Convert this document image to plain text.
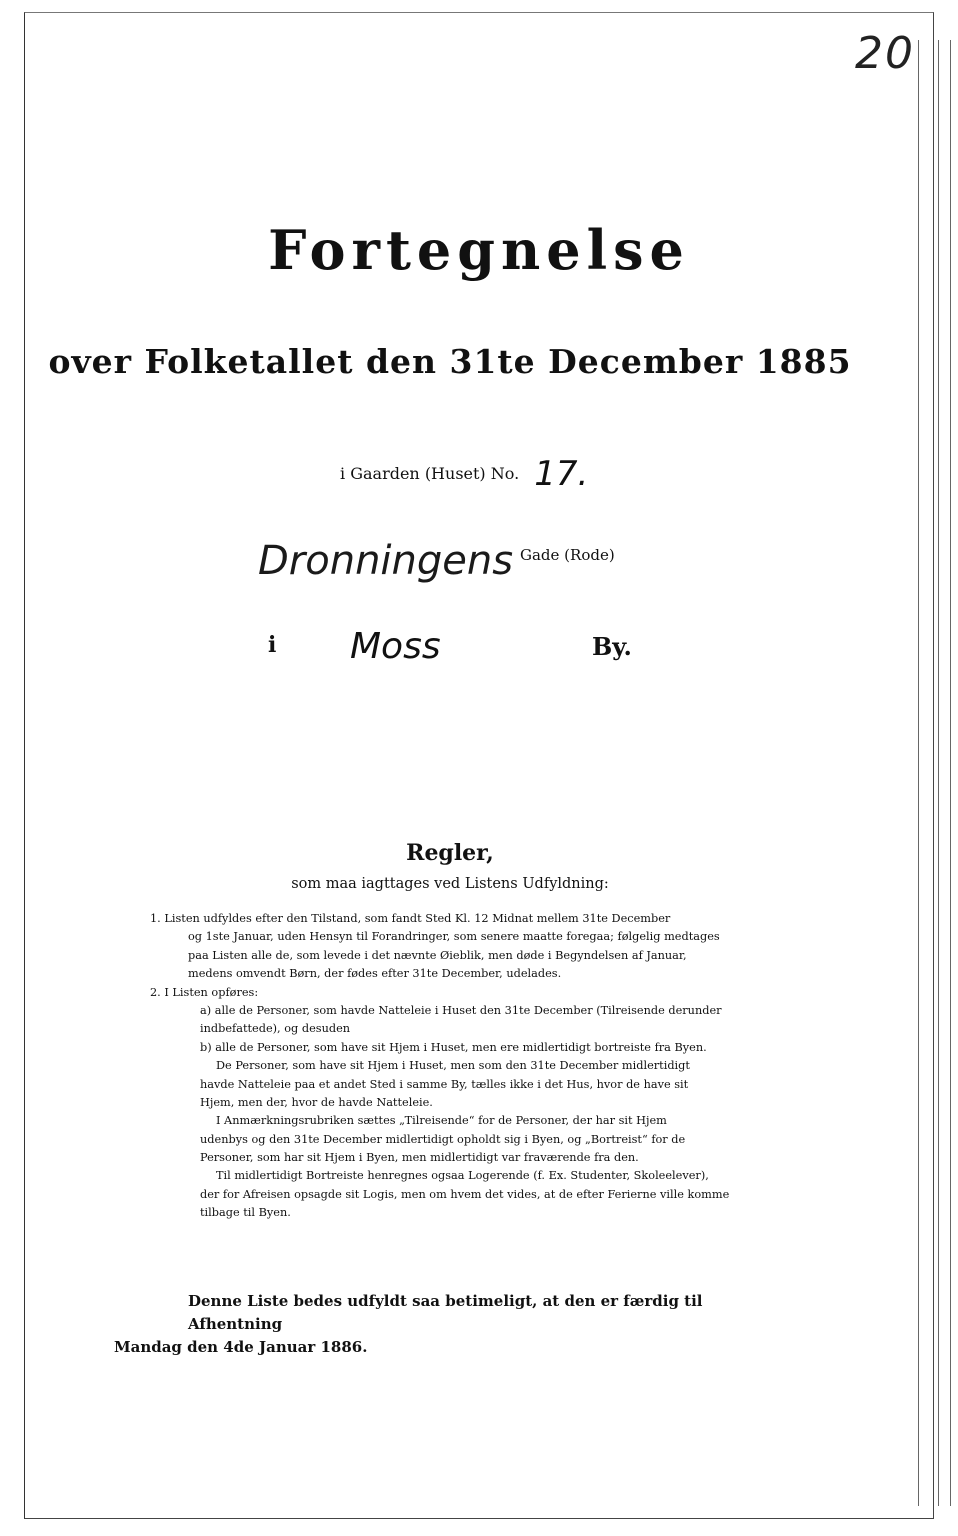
20
Fortegnelse
over Folketallet den 31te December 1885
i Gaarden (Huset) No. 17.
Dronningens Gade (Rode)
i Moss	By.
Regler,
som maa iagttages ved Listens Udfyldning:
1. Listen udfyldes efter den Tilstand, som fandt Sted Kl. 12 Midnat mellem 31te December
og 1ste Januar, uden Hensyn til Forandringer, som senere maatte foregaa; følgelig medtages
paa Listen alle de, som levede i det nævnte Øieblik, men døde i Begyndelsen af Januar,
medens omvendt Børn, der fødes efter 31te December, udelades.
2. I Listen opføres:
a) alle de Personer, som havde Natteleie i Huset den 31te December (Tilreisende derunder
indbefattede), og desuden
b) alle de Personer, som have sit Hjem i Huset, men ere midlertidigt bortreiste fra Byen.
De Personer, som have sit Hjem i Huset, men som den 31te December midlertidigt
havde Natteleie paa et andet Sted i samme By, tælles ikke i det Hus, hvor de have sit
Hjem, men der, hvor de havde Natteleie.
I Anmærkningsrubriken sættes „Tilreisende“ for de Personer, der har sit Hjem
udenbys og den 31te December midlertidigt opholdt sig i Byen, og „Bortreist“ for de
Personer, som har sit Hjem i Byen, men midlertidigt var fraværende fra den.
Til midlertidigt Bortreiste henregnes ogsaa Logerende (f. Ex. Studenter, Skoleelever),
der for Afreisen opsagde sit Logis, men om hvem det vides, at de efter Ferierne ville komme
tilbage til Byen.
Denne Liste bedes udfyldt saa betimeligt, at den er færdig til Afhentning
Mandag den 4de Januar 1886.
